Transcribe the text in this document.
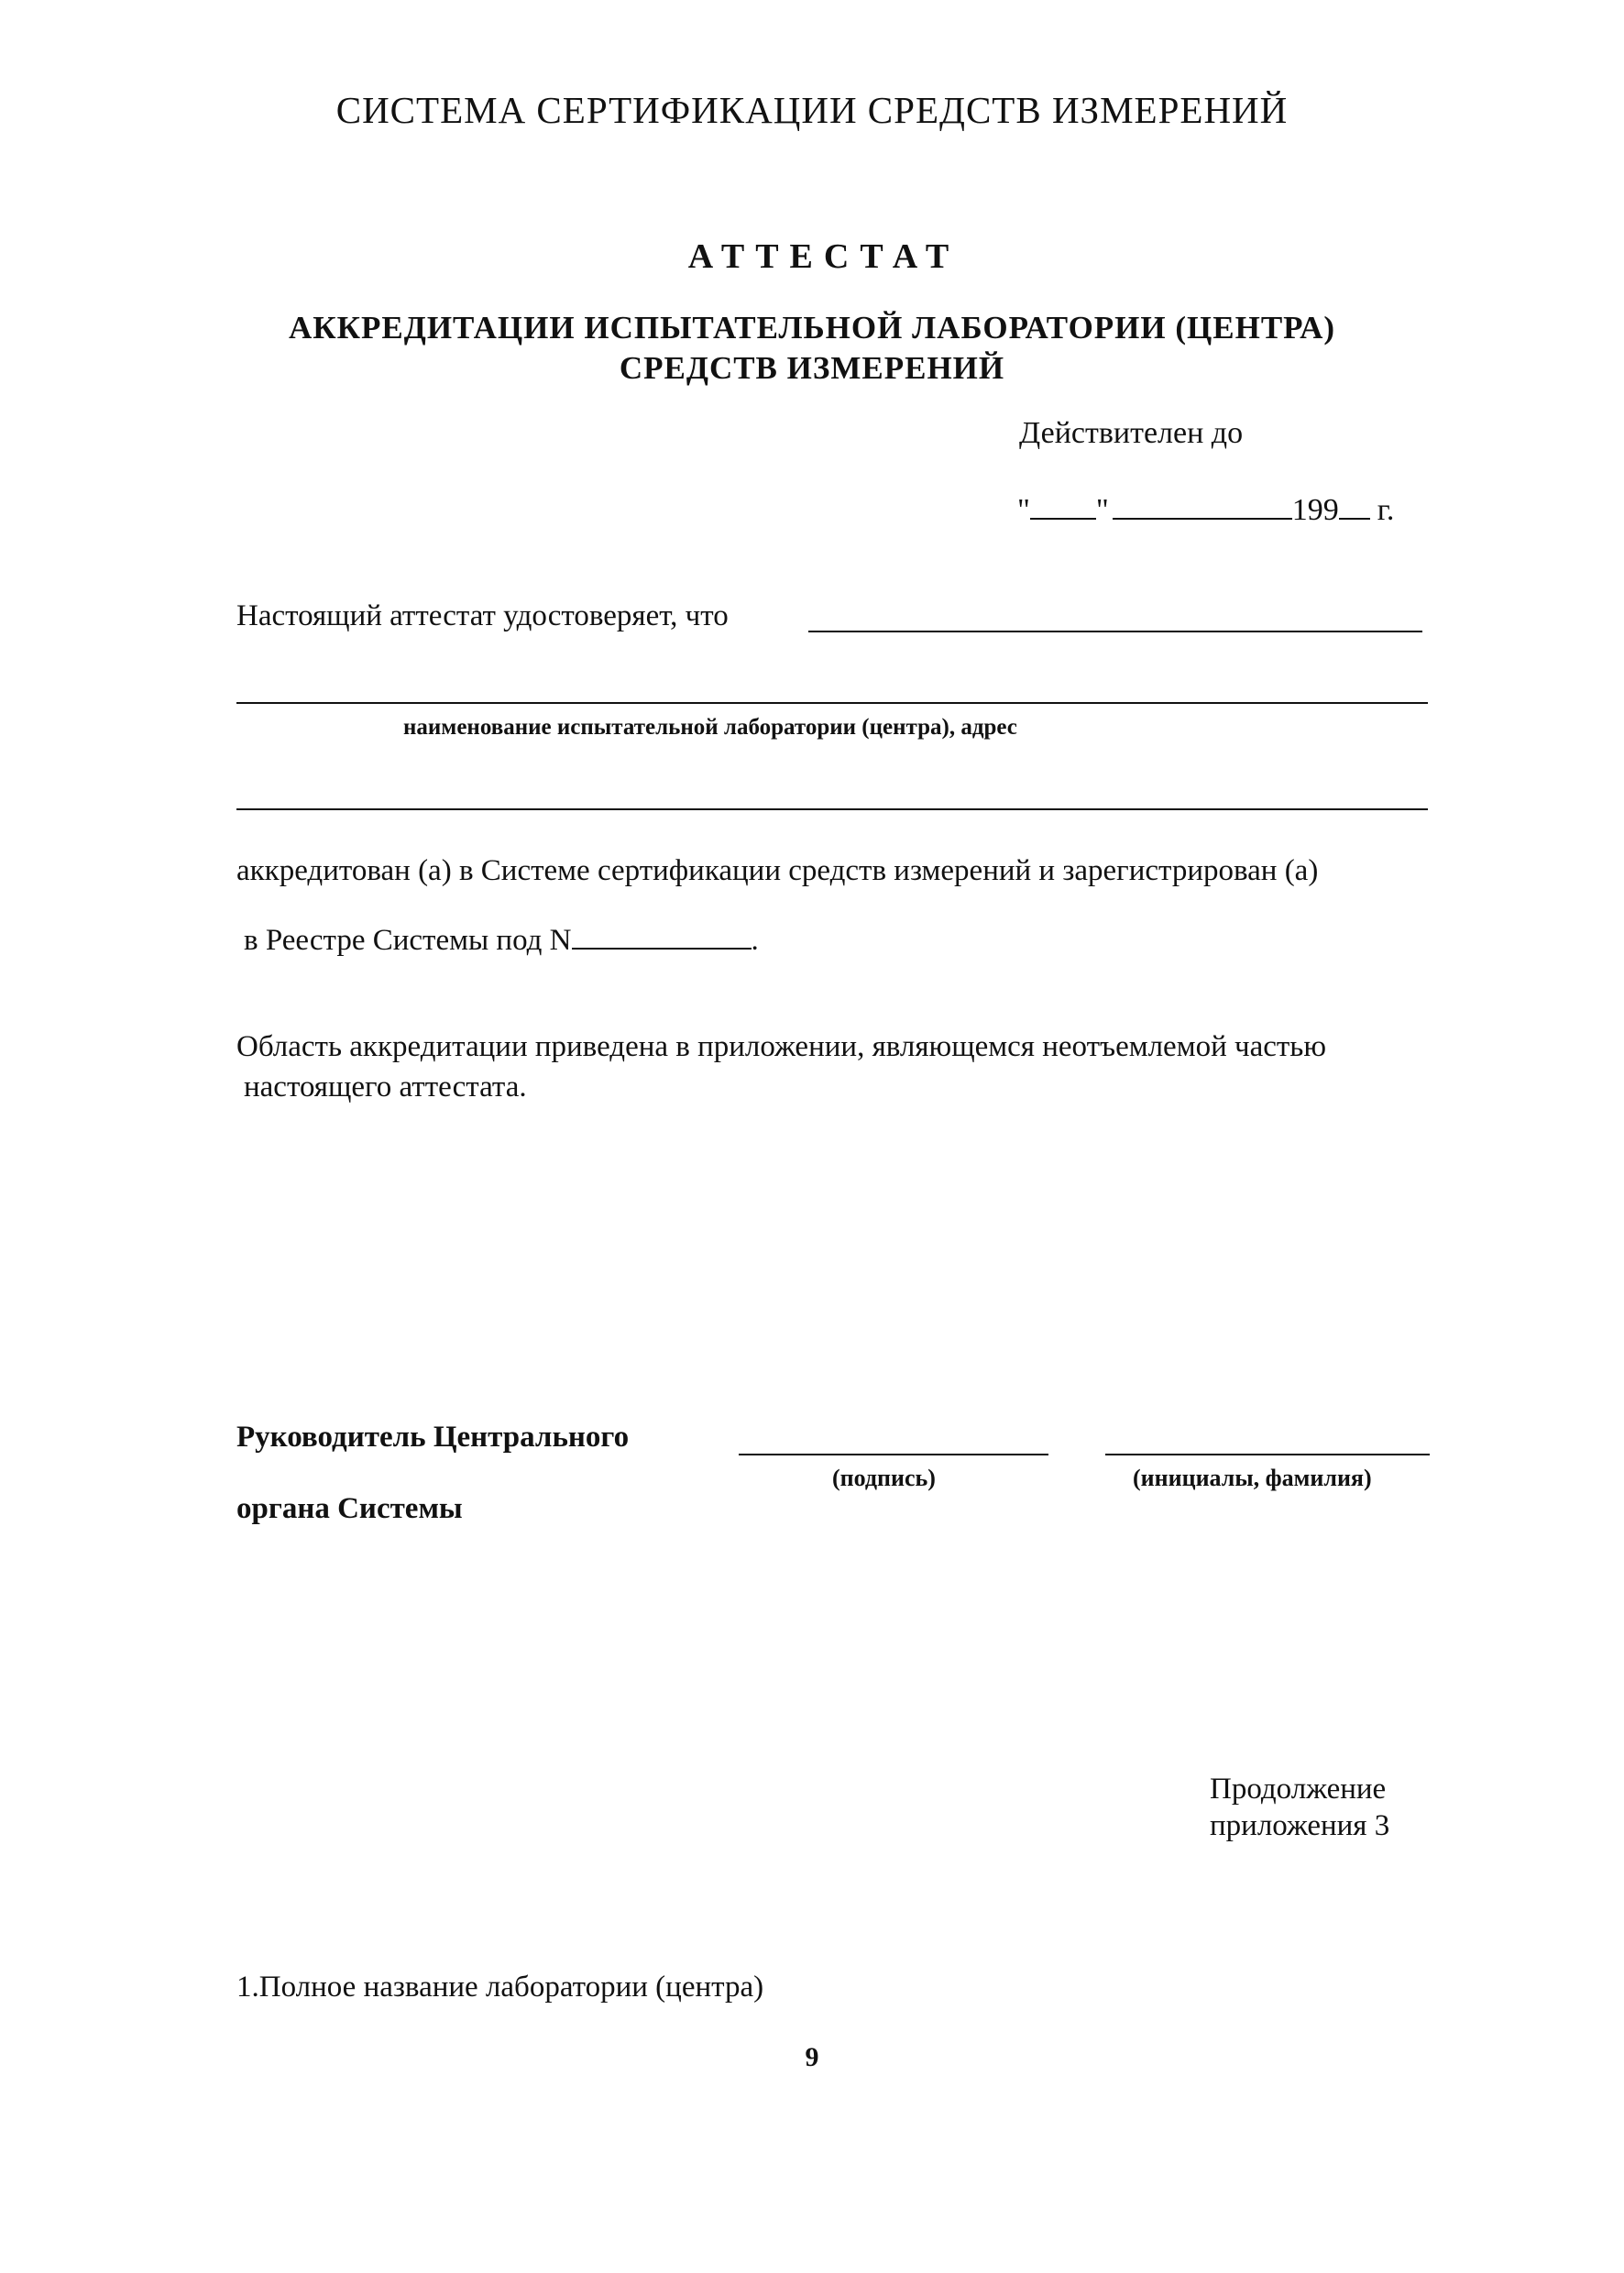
СИСТЕМА СЕРТИФИКАЦИИ СРЕДСТВ ИЗМЕРЕНИЙ
АТТЕСТАТ
АККРЕДИТАЦИИ ИСПЫТАТЕЛЬНОЙ ЛАБОРАТОРИИ (ЦЕНТРА)
СРЕДСТВ ИЗМЕРЕНИЙ
Действителен до
" "	199 г.
Настоящий аттестат удостоверяет, что
наименование испытательной лаборатории (центра), адрес
аккредитован (а) в Системе сертификации средств измерений и зарегистрирован (а)
в Реестре Системы под N	.
Область аккредитации приведена в приложении, являющемся неотъемлемой частью
настоящего аттестата.
Руководитель Центрального
органа Системы
(подпись)	(инициалы, фамилия)
Продолжение
приложения 3
1.Полное название лаборатории (центра)
9
